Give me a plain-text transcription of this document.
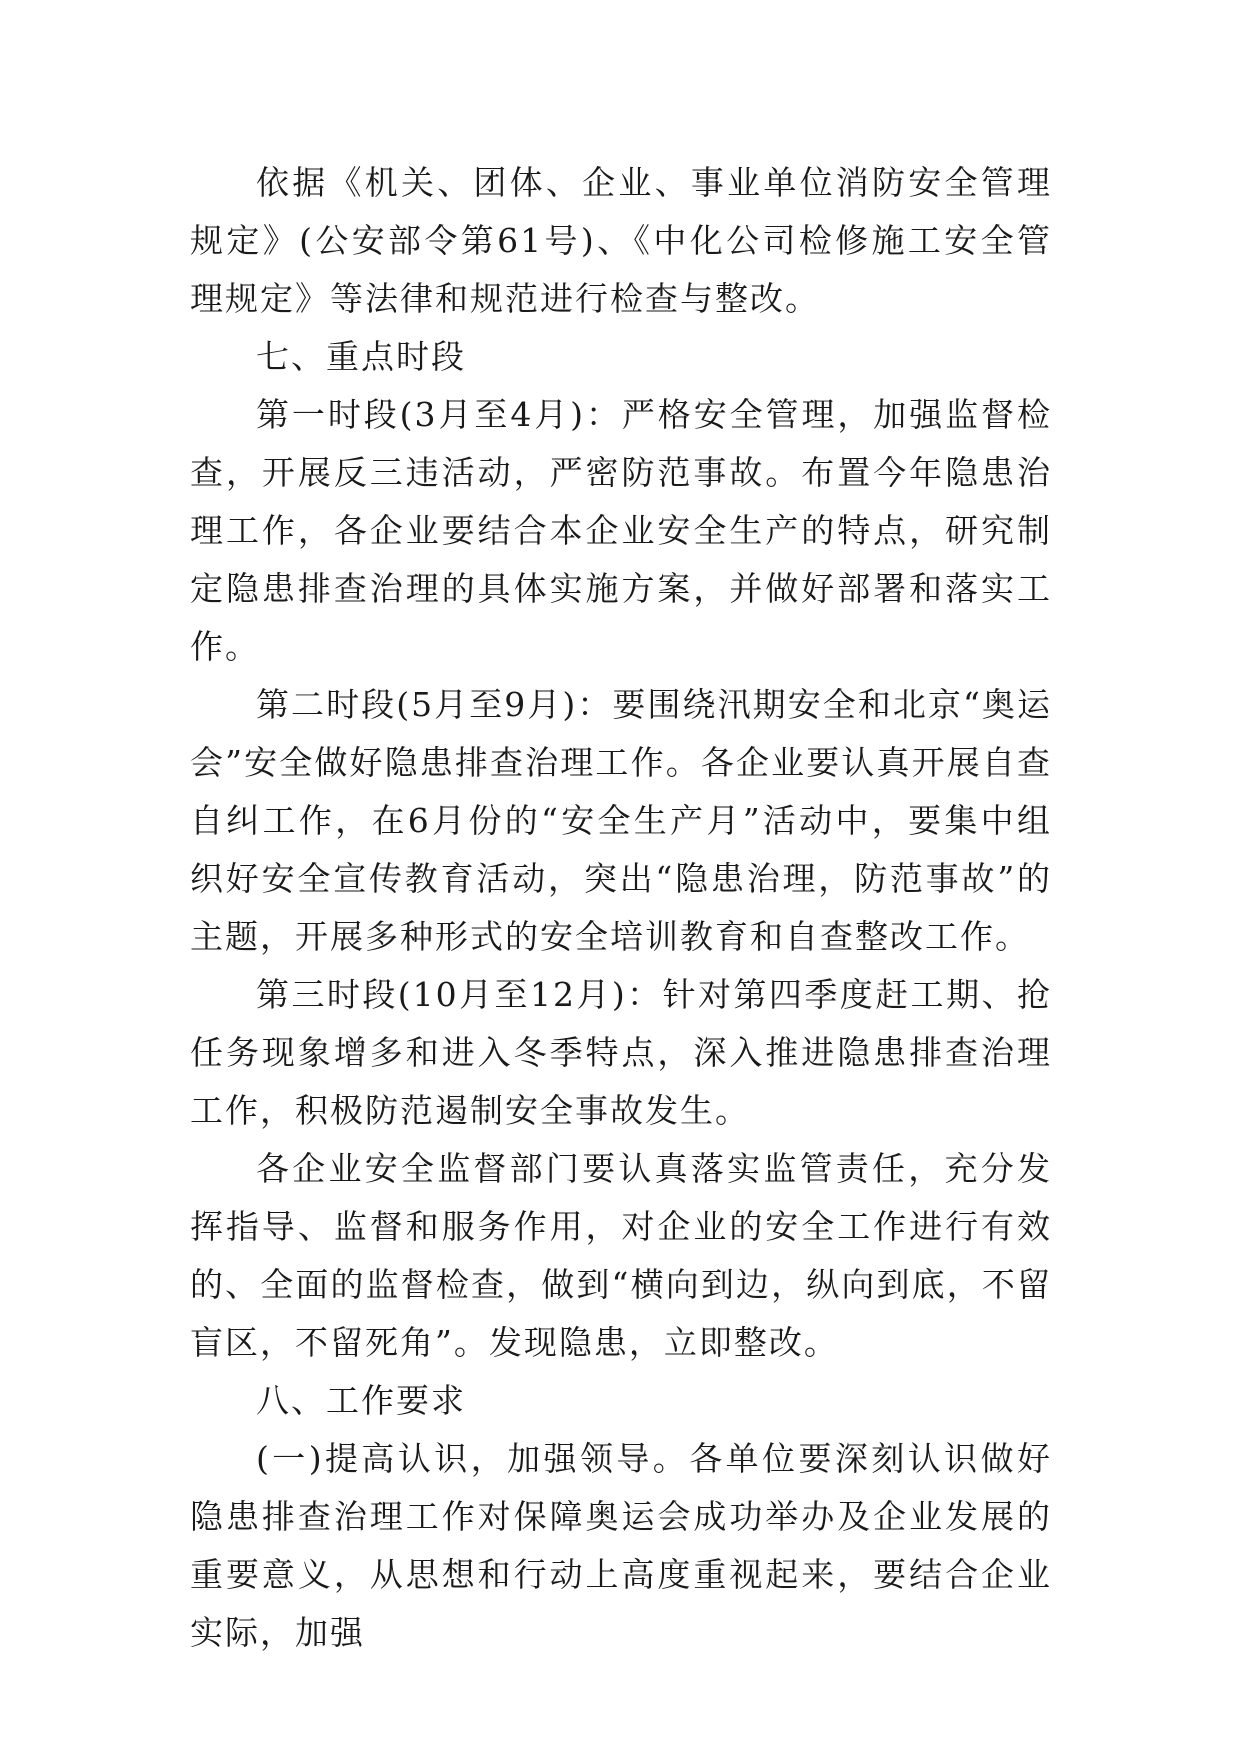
依据《机关、团体、企业、事业单位消防安全管理规定》(公安部令第61号)、《中化公司检修施工安全管理规定》等法律和规范进行检查与整改。

七、重点时段

第一时段(3月至4月)：严格安全管理，加强监督检查，开展反三违活动，严密防范事故。布置今年隐患治理工作，各企业要结合本企业安全生产的特点，研究制定隐患排查治理的具体实施方案，并做好部署和落实工作。

第二时段(5月至9月)：要围绕汛期安全和北京“奥运会”安全做好隐患排查治理工作。各企业要认真开展自查自纠工作，在6月份的“安全生产月”活动中，要集中组织好安全宣传教育活动，突出“隐患治理，防范事故”的主题，开展多种形式的安全培训教育和自查整改工作。

第三时段(10月至12月)：针对第四季度赶工期、抢任务现象增多和进入冬季特点，深入推进隐患排查治理工作，积极防范遏制安全事故发生。

各企业安全监督部门要认真落实监管责任，充分发挥指导、监督和服务作用，对企业的安全工作进行有效的、全面的监督检查，做到“横向到边，纵向到底，不留盲区，不留死角”。发现隐患，立即整改。

八、工作要求

(一)提高认识，加强领导。各单位要深刻认识做好隐患排查治理工作对保障奥运会成功举办及企业发展的重要意义，从思想和行动上高度重视起来，要结合企业实际，加强
